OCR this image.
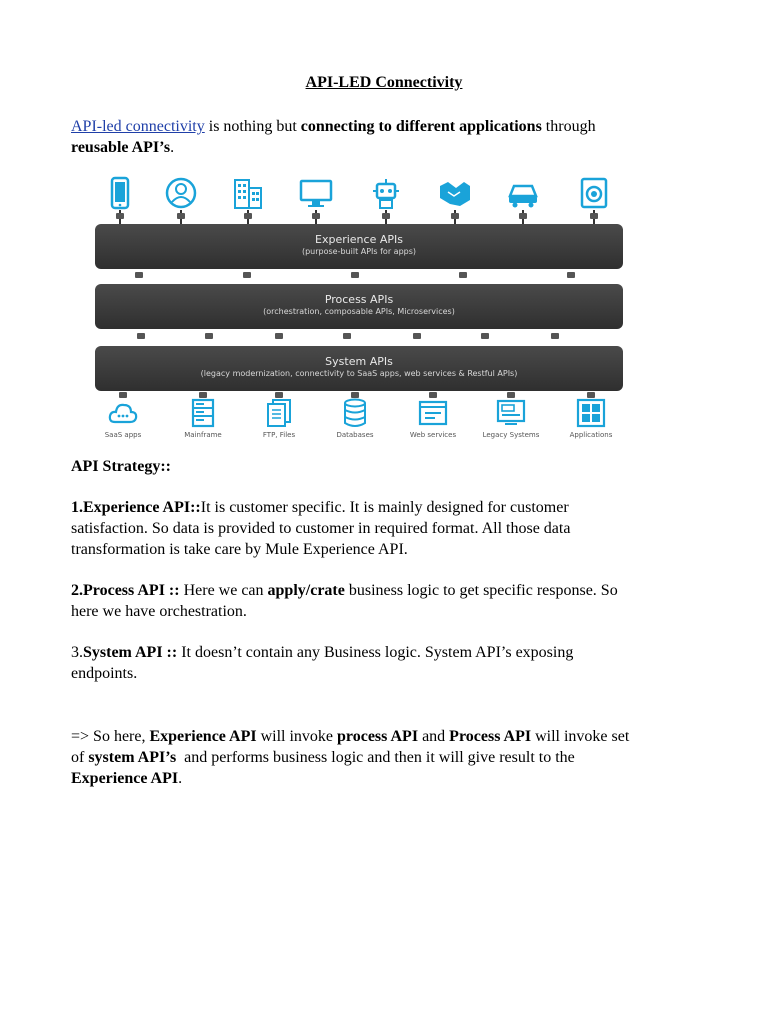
API-LED Connectivity
API-led connectivity is nothing but connecting to different applications through
reusable API’s.
Experience APIs
(purpose-built APIs for apps)
Process APIs
(orchestration, composable APIs, Microservices)
System APIs
(legacy modernization, connectivity to SaaS apps, web services & Restful APIs)
SaaS apps	Mainframe	FTP, Files	Databases	Web services	Legacy Systems	Applications
API Strategy::
1.Experience API::It is customer specific. It is mainly designed for customer
satisfaction. So data is provided to customer in required format. All those data
transformation is take care by Mule Experience API.
2.Process API :: Here we can apply/crate business logic to get specific response. So
here we have orchestration.
3.System API :: It doesn’t contain any Business logic. System API’s exposing
endpoints.
=> So here, Experience API will invoke process API and Process API will invoke set
of system API’s  and performs business logic and then it will give result to the
Experience API.
